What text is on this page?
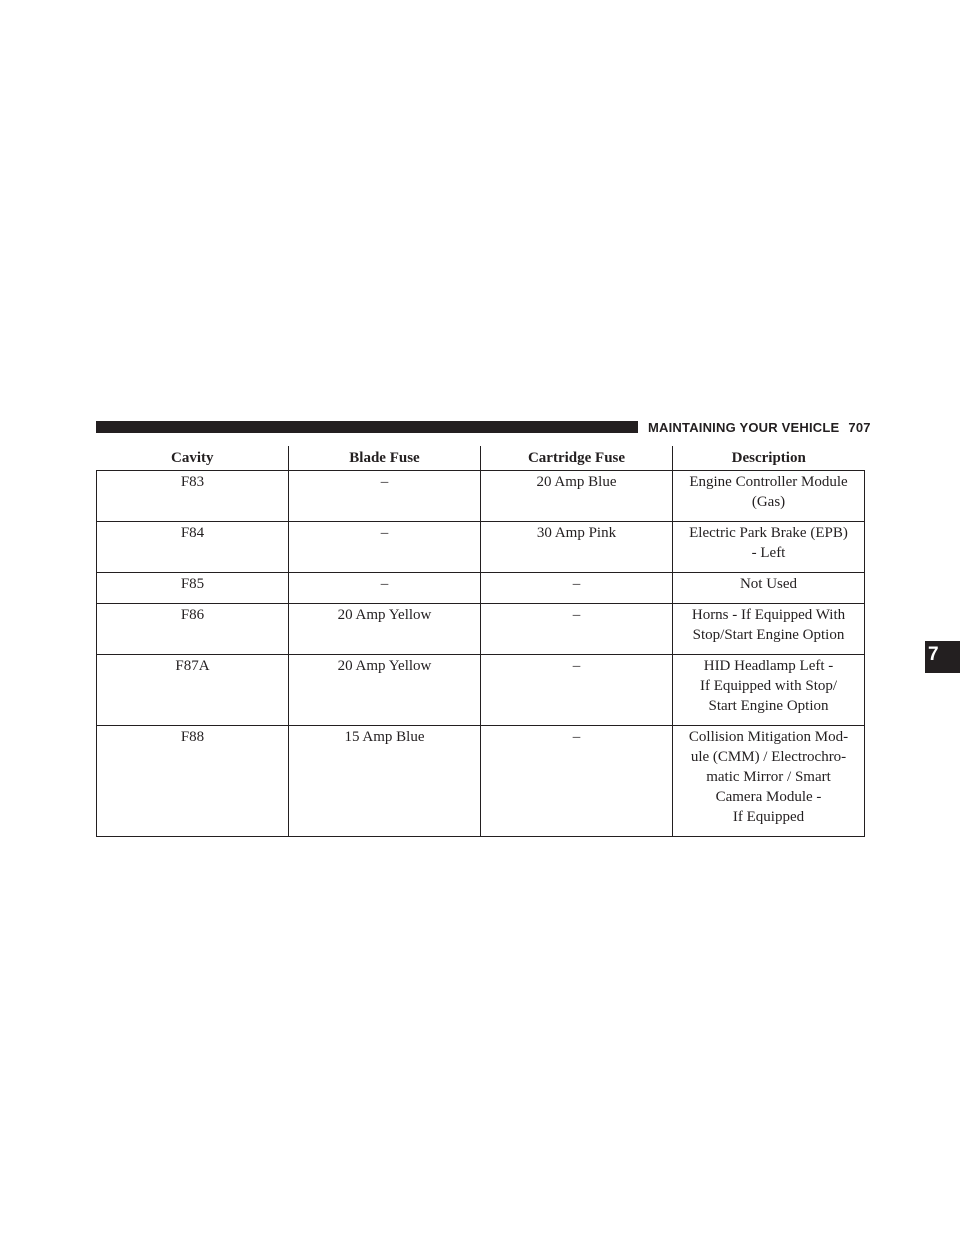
MAINTAINING YOUR VEHICLE 707
7
Cavity	Blade Fuse	Cartridge Fuse	Description
F83	–	20 Amp Blue	Engine Controller Module
(Gas)

F84	–	30 Amp Pink	Electric Park Brake (EPB)
- Left

F85	–	–	Not Used

F86	20 Amp Yellow	–	Horns - If Equipped With
Stop/Start Engine Option

F87A	20 Amp Yellow	–	HID Headlamp Left -
If Equipped with Stop/
Start Engine Option

F88	15 Amp Blue	–	Collision Mitigation Mod-
ule (CMM) / Electrochro-
matic Mirror / Smart
Camera Module -
If Equipped
